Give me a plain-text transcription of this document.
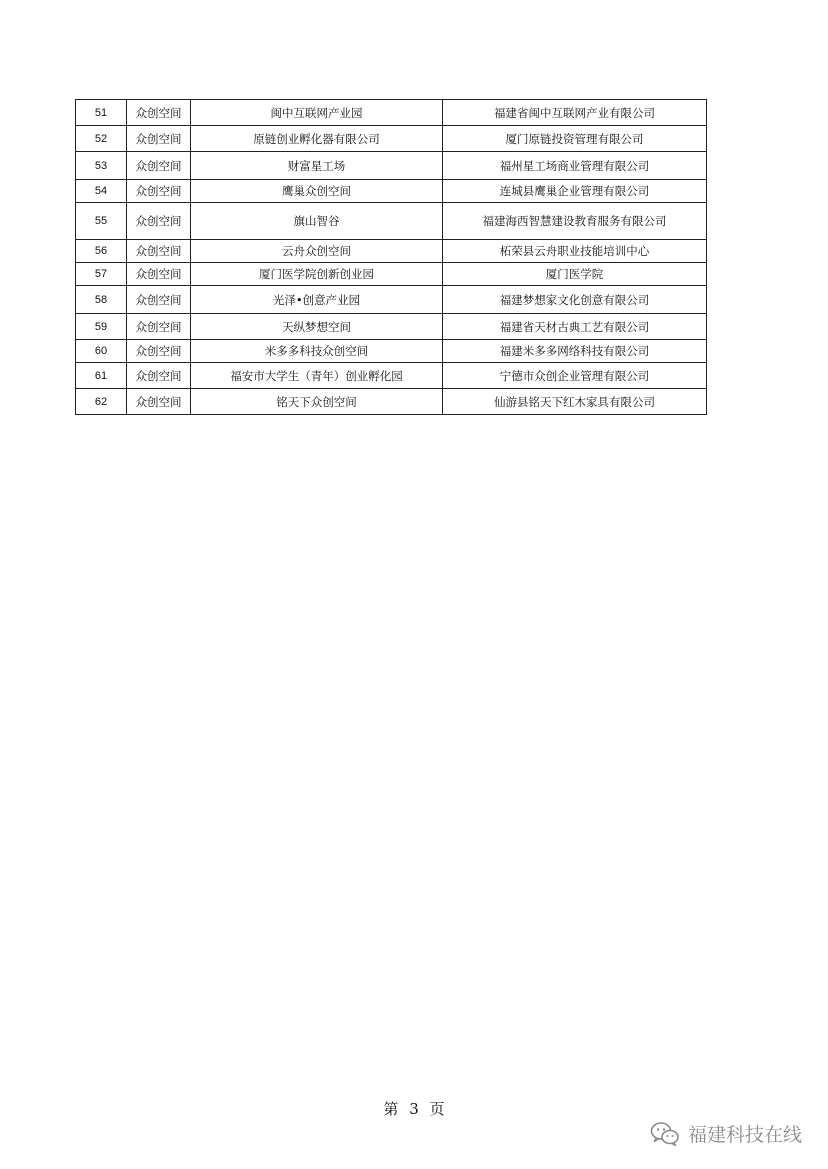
51	众创空间	闽中互联网产业园	福建省闽中互联网产业有限公司
52	众创空间	原链创业孵化器有限公司	厦门原链投资管理有限公司
53	众创空间	财富星工场	福州星工场商业管理有限公司
54	众创空间	鹰巢众创空间	连城县鹰巢企业管理有限公司
55	众创空间	旗山智谷	福建海西智慧建设教育服务有限公司
56	众创空间	云舟众创空间	柘荣县云舟职业技能培训中心
57	众创空间	厦门医学院创新创业园	厦门医学院
58	众创空间	光泽•创意产业园	福建梦想家文化创意有限公司
59	众创空间	天纵梦想空间	福建省天材古典工艺有限公司
60	众创空间	米多多科技众创空间	福建米多多网络科技有限公司
61	众创空间	福安市大学生（青年）创业孵化园	宁德市众创企业管理有限公司
62	众创空间	铭天下众创空间	仙游县铭天下红木家具有限公司
第 3 页
福建科技在线
